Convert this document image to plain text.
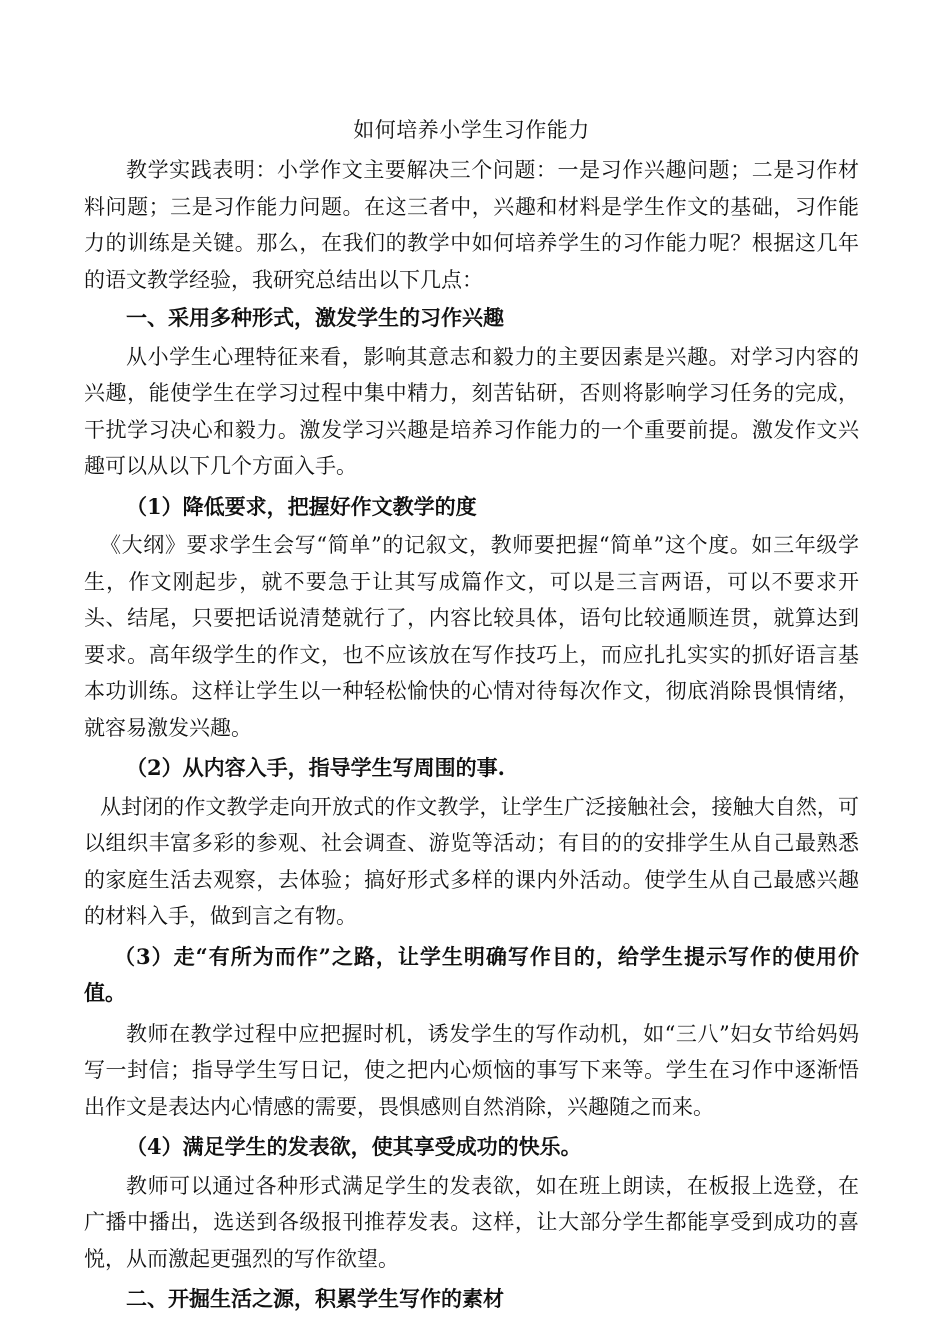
如何培养小学生习作能力

教学实践表明：小学作文主要解决三个问题：一是习作兴趣问题；二是习作材料问题；三是习作能力问题。在这三者中，兴趣和材料是学生作文的基础，习作能力的训练是关键。那么，在我们的教学中如何培养学生的习作能力呢？根据这几年的语文教学经验，我研究总结出以下几点：

一、采用多种形式，激发学生的习作兴趣

从小学生心理特征来看，影响其意志和毅力的主要因素是兴趣。对学习内容的兴趣，能使学生在学习过程中集中精力，刻苦钻研，否则将影响学习任务的完成，干扰学习决心和毅力。激发学习兴趣是培养习作能力的一个重要前提。激发作文兴趣可以从以下几个方面入手。

（1）降低要求，把握好作文教学的度

《大纲》要求学生会写“简单”的记叙文，教师要把握“简单”这个度。如三年级学生，作文刚起步，就不要急于让其写成篇作文，可以是三言两语，可以不要求开头、结尾，只要把话说清楚就行了，内容比较具体，语句比较通顺连贯，就算达到要求。高年级学生的作文，也不应该放在写作技巧上，而应扎扎实实的抓好语言基本功训练。这样让学生以一种轻松愉快的心情对待每次作文，彻底消除畏惧情绪，就容易激发兴趣。

（2）从内容入手，指导学生写周围的事.

从封闭的作文教学走向开放式的作文教学，让学生广泛接触社会，接触大自然，可以组织丰富多彩的参观、社会调查、游览等活动；有目的的安排学生从自己最熟悉的家庭生活去观察，去体验；搞好形式多样的课内外活动。使学生从自己最感兴趣的材料入手，做到言之有物。

（3）走“有所为而作”之路，让学生明确写作目的，给学生提示写作的使用价值。

教师在教学过程中应把握时机，诱发学生的写作动机，如“三八”妇女节给妈妈写一封信；指导学生写日记，使之把内心烦恼的事写下来等。学生在习作中逐渐悟出作文是表达内心情感的需要，畏惧感则自然消除，兴趣随之而来。

（4）满足学生的发表欲，使其享受成功的快乐。

教师可以通过各种形式满足学生的发表欲，如在班上朗读，在板报上选登，在广播中播出，选送到各级报刊推荐发表。这样，让大部分学生都能享受到成功的喜悦，从而激起更强烈的写作欲望。

二、开掘生活之源，积累学生写作的素材
